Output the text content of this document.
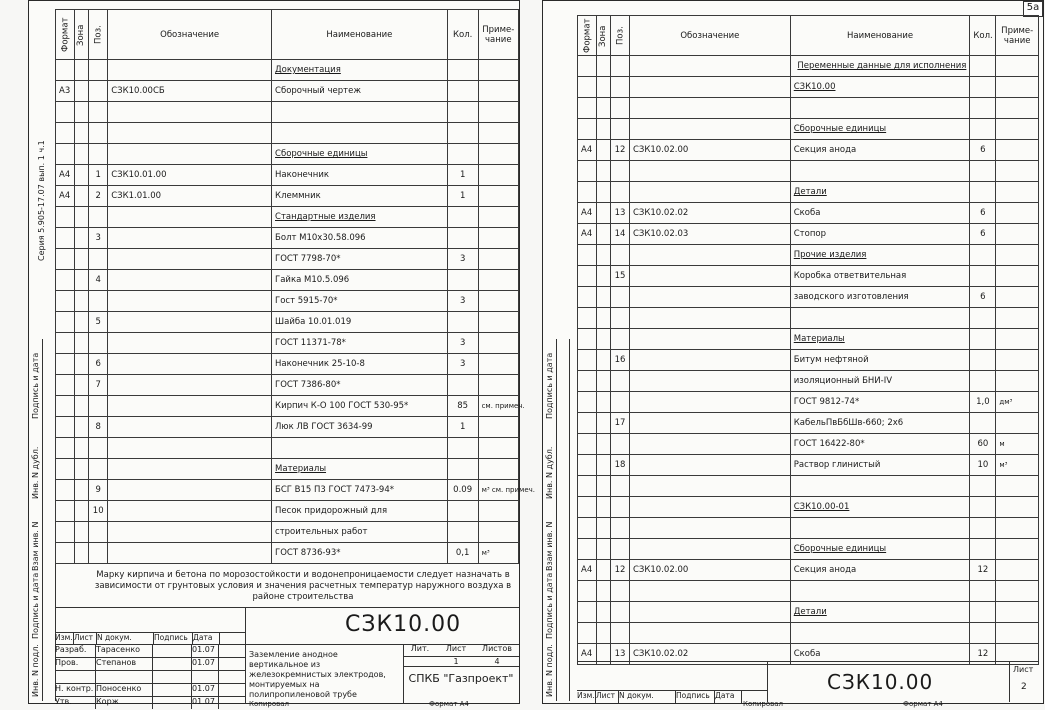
Серия 5.905-17.07 вып. 1 ч.1
Подпись и дата
Инв. N дубл.
Взам инв. N
Подпись и дата
Инв. N подл.
Формат	Зона	Поз.	Обозначение	Наименование	Кол.	Приме-чание
				Документация		
А3			СЗК10.00СБ	Сборочный чертеж		

				Сборочные единицы		
А4		1	СЗК10.01.00	Наконечник	1	
А4		2	СЗК1.01.00	Клеммник	1	
				Стандартные изделия		
		3		Болт М10х30.58.096		
				ГОСТ 7798-70*	3	
		4		Гайка М10.5.096		
				Гост 5915-70*	3	
		5		Шайба 10.01.019		
				ГОСТ 11371-78*	3	
		6		Наконечник 25-10-8	3	
		7		ГОСТ 7386-80*		
				Кирпич К-О 100 ГОСТ 530-95*	85	см. примеч.
		8		Люк ЛВ ГОСТ 3634-99	1	

				Материалы		
		9		БСГ В15 П3 ГОСТ 7473-94*	0.09	м³ см. примеч.
		10		Песок придорожный для		
				строительных работ		
				ГОСТ 8736-93*	0,1	м³
Марку кирпича и бетона по морозостойкости и водонепроницаемости следует назначать в зависимости от грунтовых условия и значения расчетных температур наружного воздуха в районе строительства
Изм. Лист N докум.	Подпись Дата
Разраб.	Тарасенко	01.07
Пров.	Степанов	01.07
Н. контр. Поносенко	01.07
Утв.	Корж	01.07
СЗК10.00
Заземление анодное вертикальное из железокремнистых электродов, монтируемых на полипропиленовой трубе
Лит.	Лист	Листов
1	4
СПКБ "Газпроект"
Копировал	Формат А4
5a
Подпись и дата
Инв. N дубл.
Взам инв. N
Подпись и дата
Инв. N подл.
Формат	Зона	Поз.	Обозначение	Наименование	Кол.	Приме-чание
				Переменные данные для исполнения		
				СЗК10.00		

				Сборочные единицы		
А4		12	СЗК10.02.00	Секция анода	6	

				Детали		
А4		13	СЗК10.02.02	Скоба	6	
А4		14	СЗК10.02.03	Стопор	6	
				Прочие изделия		
		15		Коробка ответвительная		
				заводского изготовления	6	

				Материалы		
		16		Битум нефтяной		
				изоляционный БНИ-IV		
				ГОСТ 9812-74*	1,0	дм³
		17		КабельПвБбШв-660; 2х6		
				ГОСТ 16422-80*	60	м
		18		Раствор глинистый	10	м³

				СЗК10.00-01		

				Сборочные единицы		
А4		12	СЗК10.02.00	Секция анода	12	

				Детали		

А4		13	СЗК10.02.02	Скоба	12	
Изм. Лист N докум.	Подпись Дата
СЗК10.00
Лист
2
Копировал	Формат А4
